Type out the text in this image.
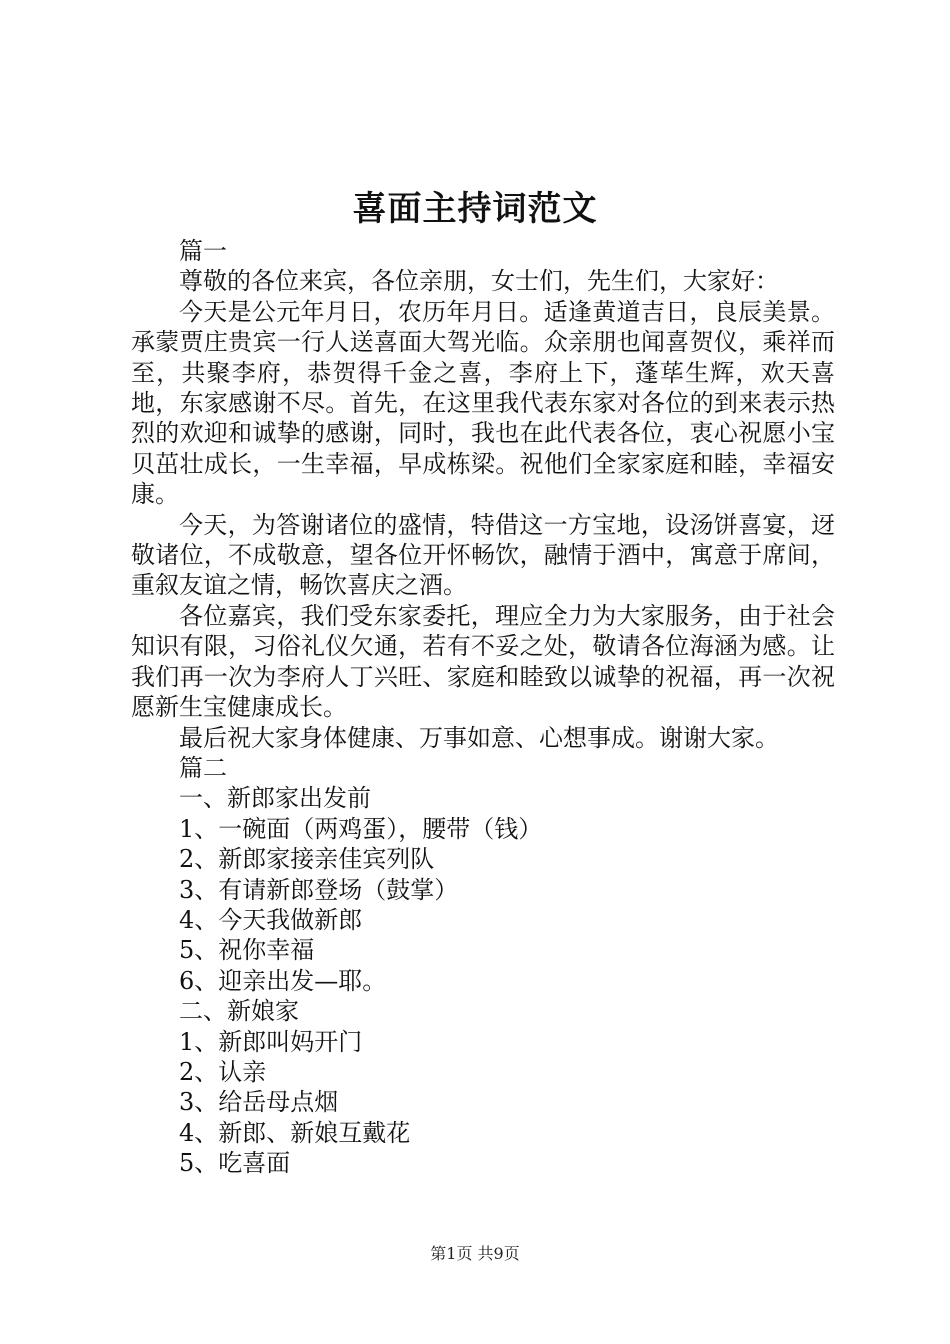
喜面主持词范文

篇一

尊敬的各位来宾，各位亲朋，女士们，先生们，大家好：

今天是公元年月日，农历年月日。适逢黄道吉日，良辰美景。承蒙贾庄贵宾一行人送喜面大驾光临。众亲朋也闻喜贺仪，乘祥而至，共聚李府，恭贺得千金之喜，李府上下，蓬荜生辉，欢天喜地，东家感谢不尽。首先，在这里我代表东家对各位的到来表示热烈的欢迎和诚挚的感谢，同时，我也在此代表各位，衷心祝愿小宝贝茁壮成长，一生幸福，早成栋梁。祝他们全家家庭和睦，幸福安康。

今天，为答谢诸位的盛情，特借这一方宝地，设汤饼喜宴，迓敬诸位，不成敬意，望各位开怀畅饮，融情于酒中，寓意于席间，重叙友谊之情，畅饮喜庆之酒。

各位嘉宾，我们受东家委托，理应全力为大家服务，由于社会知识有限，习俗礼仪欠通，若有不妥之处，敬请各位海涵为感。让我们再一次为李府人丁兴旺、家庭和睦致以诚挚的祝福，再一次祝愿新生宝健康成长。

最后祝大家身体健康、万事如意、心想事成。谢谢大家。

篇二

一、新郎家出发前

1、一碗面（两鸡蛋），腰带（钱）

2、新郎家接亲佳宾列队

3、有请新郎登场（鼓掌）

4、今天我做新郎

5、祝你幸福

6、迎亲出发—耶。

二、新娘家

1、新郎叫妈开门

2、认亲

3、给岳母点烟

4、新郎、新娘互戴花

5、吃喜面

第1页 共9页
